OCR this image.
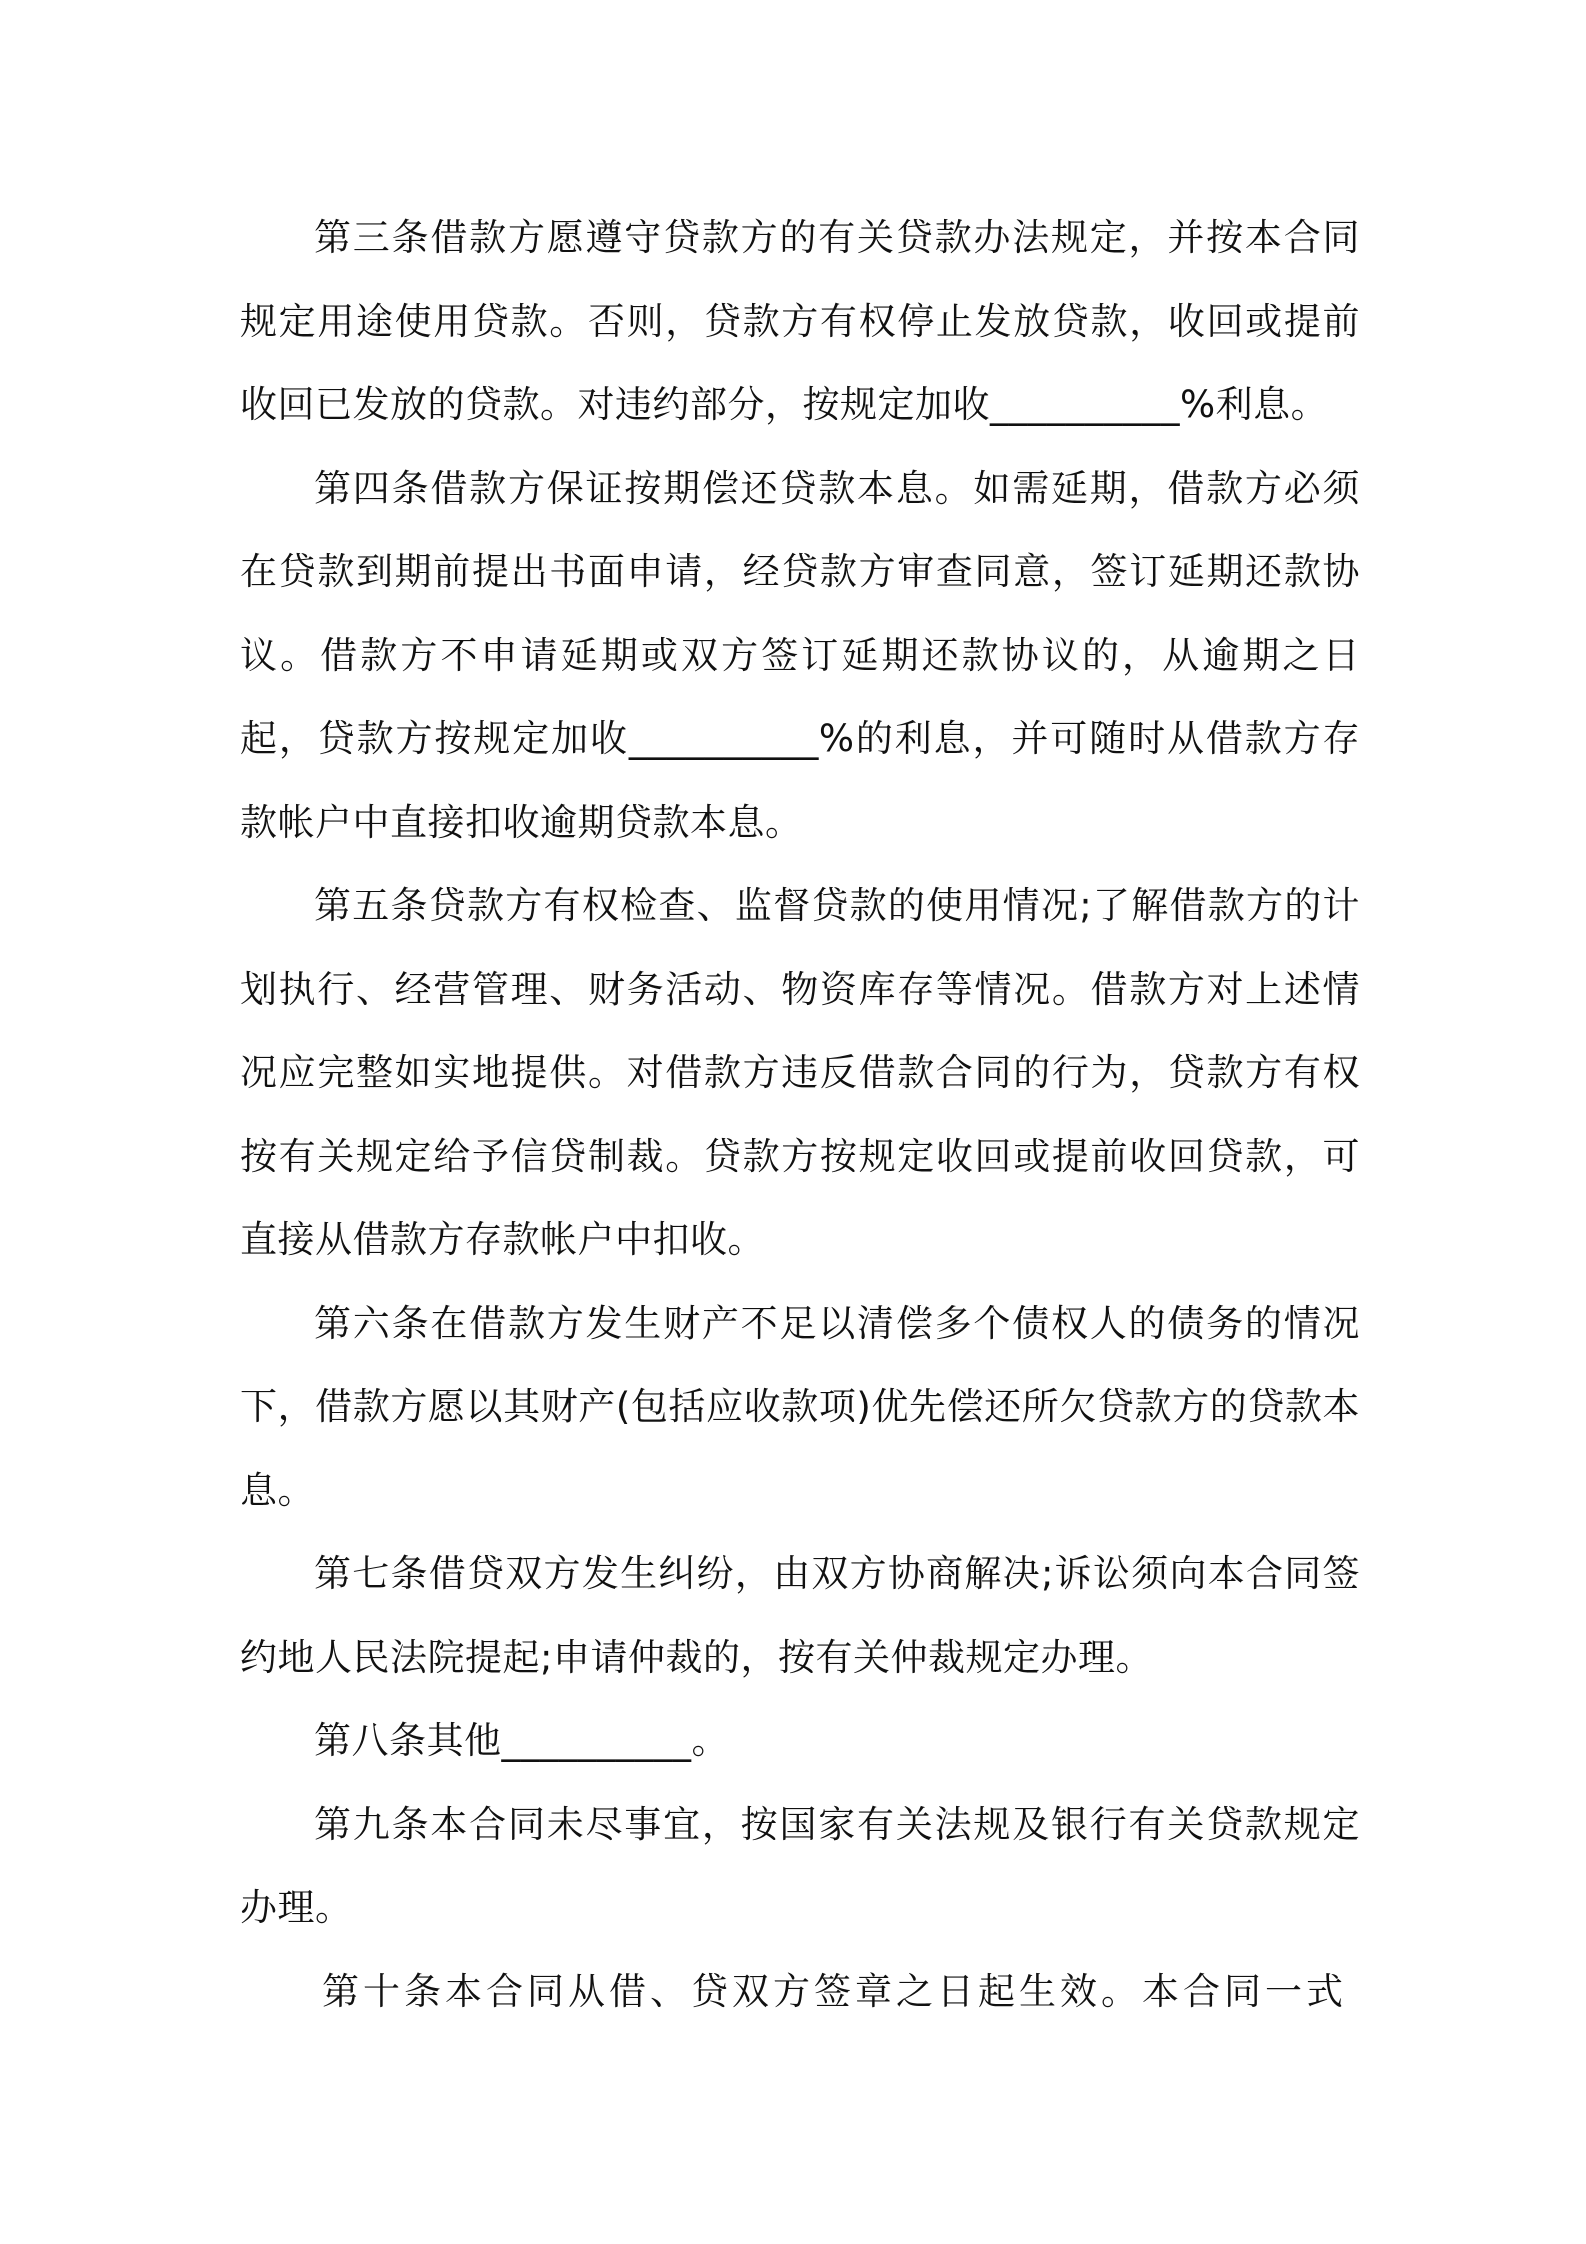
第三条借款方愿遵守贷款方的有关贷款办法规定，并按本合同规定用途使用贷款。否则，贷款方有权停止发放贷款，收回或提前收回已发放的贷款。对违约部分，按规定加收__________%利息。

第四条借款方保证按期偿还贷款本息。如需延期，借款方必须在贷款到期前提出书面申请，经贷款方审查同意，签订延期还款协议。借款方不申请延期或双方签订延期还款协议的，从逾期之日起，贷款方按规定加收__________%的利息，并可随时从借款方存款帐户中直接扣收逾期贷款本息。

第五条贷款方有权检查、监督贷款的使用情况;了解借款方的计划执行、经营管理、财务活动、物资库存等情况。借款方对上述情况应完整如实地提供。对借款方违反借款合同的行为，贷款方有权按有关规定给予信贷制裁。贷款方按规定收回或提前收回贷款，可直接从借款方存款帐户中扣收。

第六条在借款方发生财产不足以清偿多个债权人的债务的情况下，借款方愿以其财产(包括应收款项)优先偿还所欠贷款方的贷款本息。

第七条借贷双方发生纠纷，由双方协商解决;诉讼须向本合同签约地人民法院提起;申请仲裁的，按有关仲裁规定办理。

第八条其他__________。

第九条本合同未尽事宜，按国家有关法规及银行有关贷款规定办理。

第十条本合同从借、贷双方签章之日起生效。本合同一式
